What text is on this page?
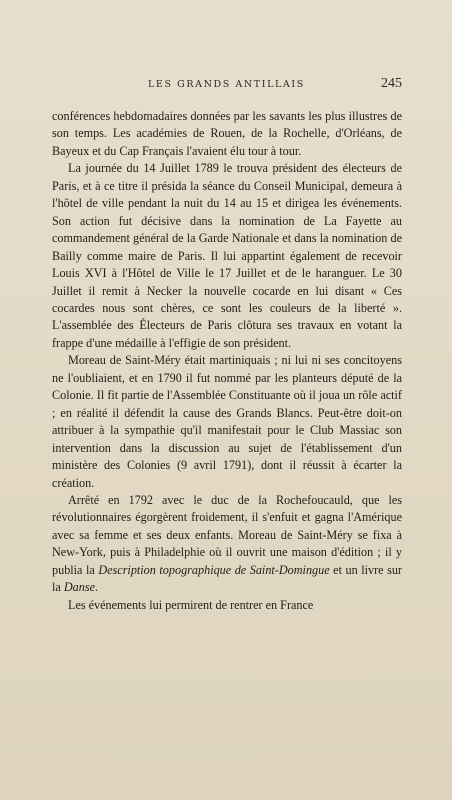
LES GRANDS ANTILLAIS	245

conférences hebdomadaires données par les savants les plus illustres de son temps. Les académies de Rouen, de la Rochelle, d'Orléans, de Bayeux et du Cap Français l'avaient élu tour à tour.

La journée du 14 Juillet 1789 le trouva président des électeurs de Paris, et à ce titre il présida la séance du Conseil Municipal, demeura à l'hôtel de ville pendant la nuit du 14 au 15 et dirigea les événements. Son action fut décisive dans la nomination de La Fayette au commandement général de la Garde Nationale et dans la nomination de Bailly comme maire de Paris. Il lui appartint également de recevoir Louis XVI à l'Hôtel de Ville le 17 Juillet et de le haranguer. Le 30 Juillet il remit à Necker la nouvelle cocarde en lui disant « Ces cocardes nous sont chères, ce sont les couleurs de la liberté ». L'assemblée des Électeurs de Paris clôtura ses travaux en votant la frappe d'une médaille à l'effigie de son président.

Moreau de Saint-Méry était martiniquais ; ni lui ni ses concitoyens ne l'oubliaient, et en 1790 il fut nommé par les planteurs député de la Colonie. Il fit partie de l'Assemblée Constituante où il joua un rôle actif ; en réalité il défendit la cause des Grands Blancs. Peut-être doit-on attribuer à la sympathie qu'il manifestait pour le Club Massiac son intervention dans la discussion au sujet de l'établissement d'un ministère des Colonies (9 avril 1791), dont il réussit à écarter la création.

Arrêté en 1792 avec le duc de la Rochefoucauld, que les révolutionnaires égorgèrent froidement, il s'enfuit et gagna l'Amérique avec sa femme et ses deux enfants. Moreau de Saint-Méry se fixa à New-York, puis à Philadelphie où il ouvrit une maison d'édition ; il y publia la Description topographique de Saint-Domingue et un livre sur la Danse.

Les événements lui permirent de rentrer en France
